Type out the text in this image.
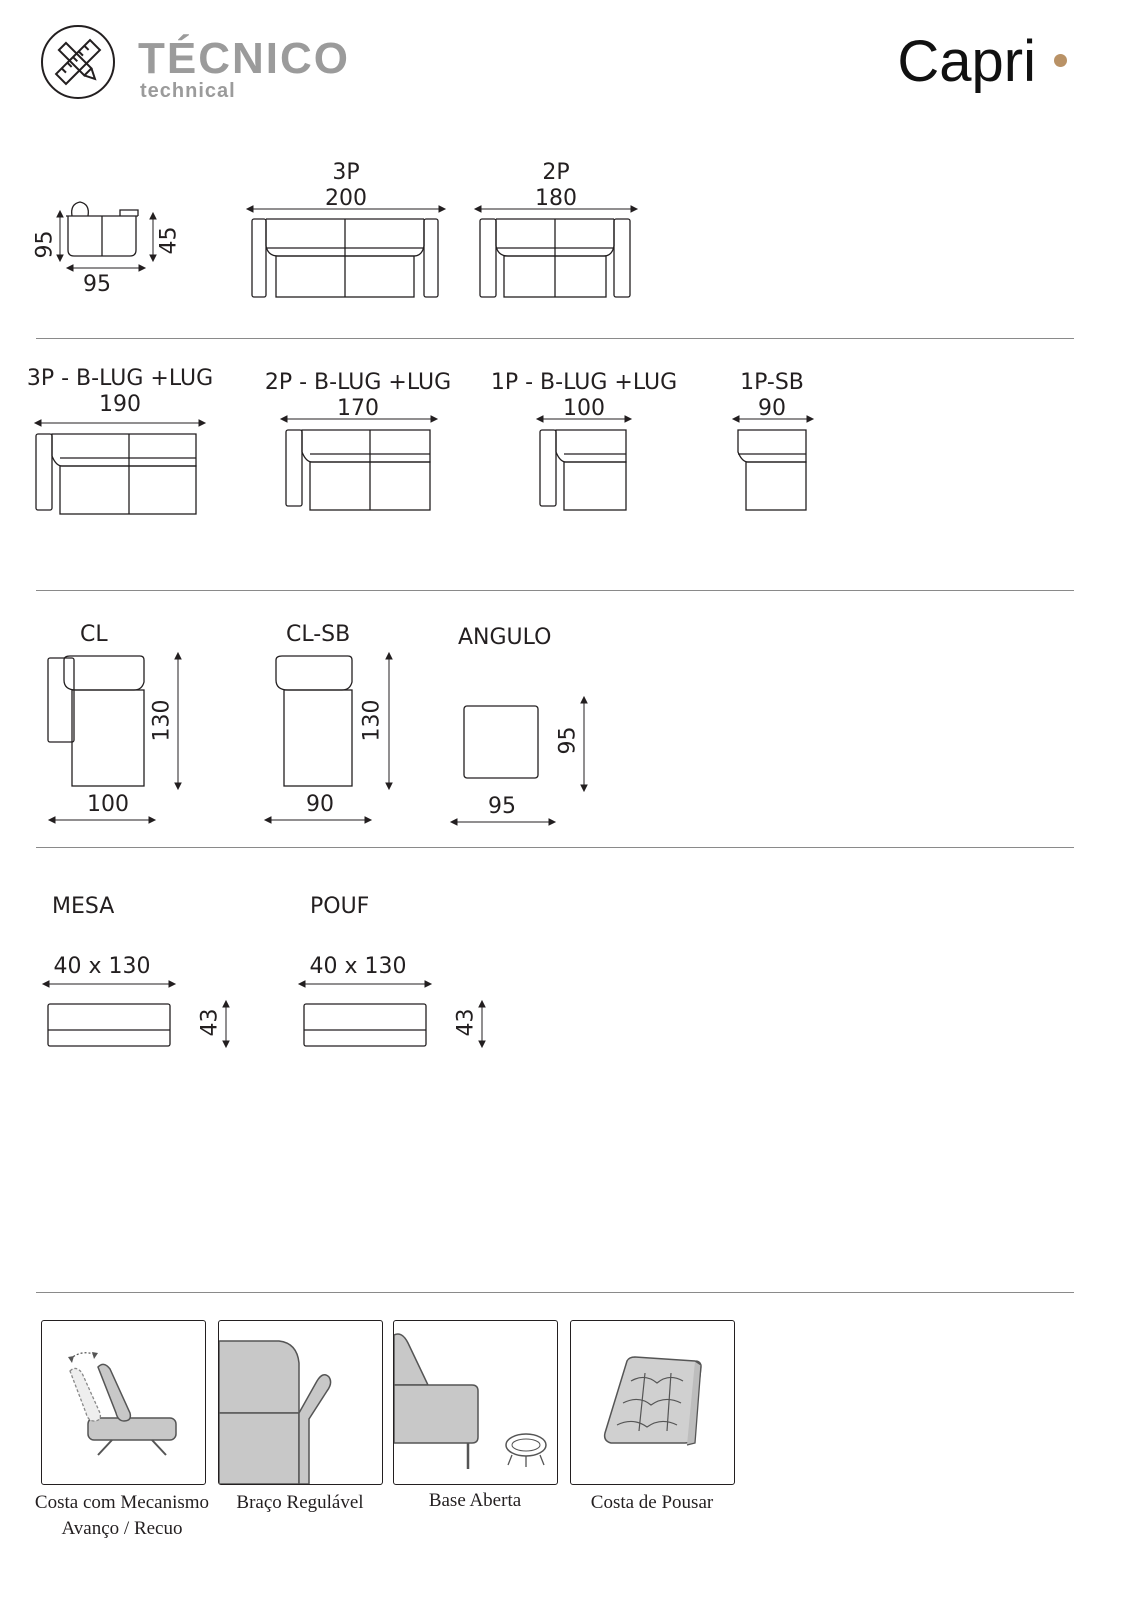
TÉCNICO
technical	Capri
95
95
45
3P
200
2P
180
3P - B-LUG +LUG
190
2P - B-LUG +LUG
170
1P - B-LUG +LUG
100
1P-SB
90
CL
130
100
CL-SB
130
90
ANGULO
95
95
MESA
40 x 130
43
POUF
40 x 130
43
Costa com Mecanismo
Avanço / Recuo
Braço Regulável	Base Aberta	Costa de Pousar
